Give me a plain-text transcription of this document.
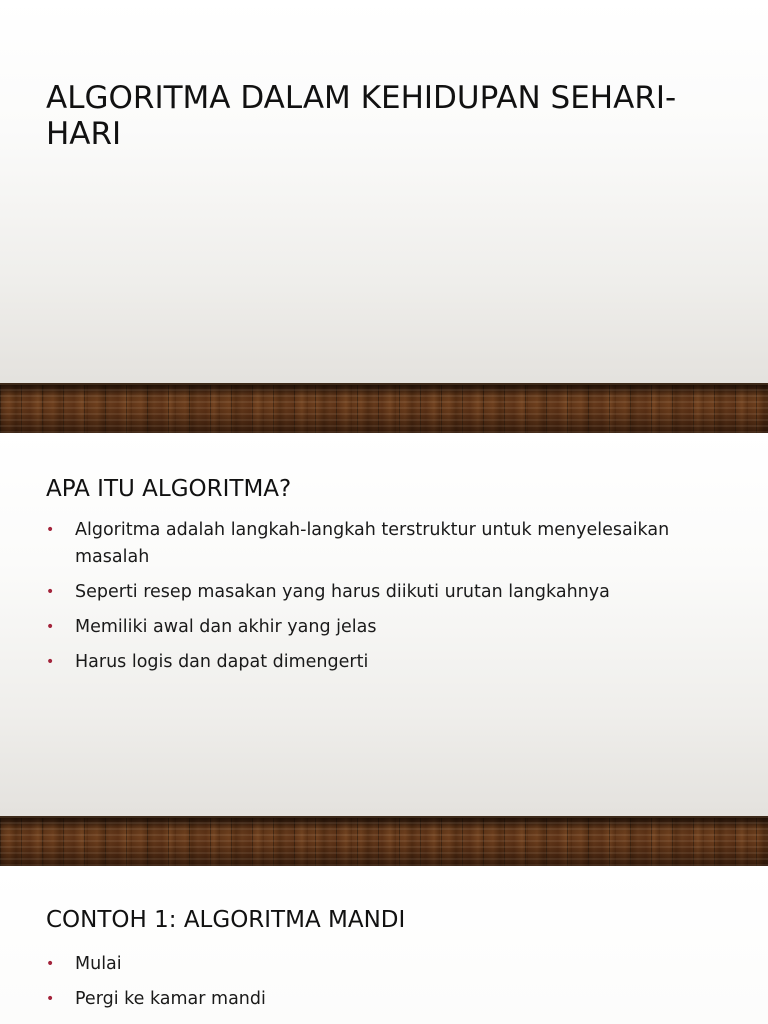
ALGORITMA DALAM KEHIDUPAN SEHARI-HARI
APA ITU ALGORITMA?
• Algoritma adalah langkah-langkah terstruktur untuk menyelesaikan masalah
• Seperti resep masakan yang harus diikuti urutan langkahnya
• Memiliki awal dan akhir yang jelas
• Harus logis dan dapat dimengerti
CONTOH 1: ALGORITMA MANDI
• Mulai
• Pergi ke kamar mandi
